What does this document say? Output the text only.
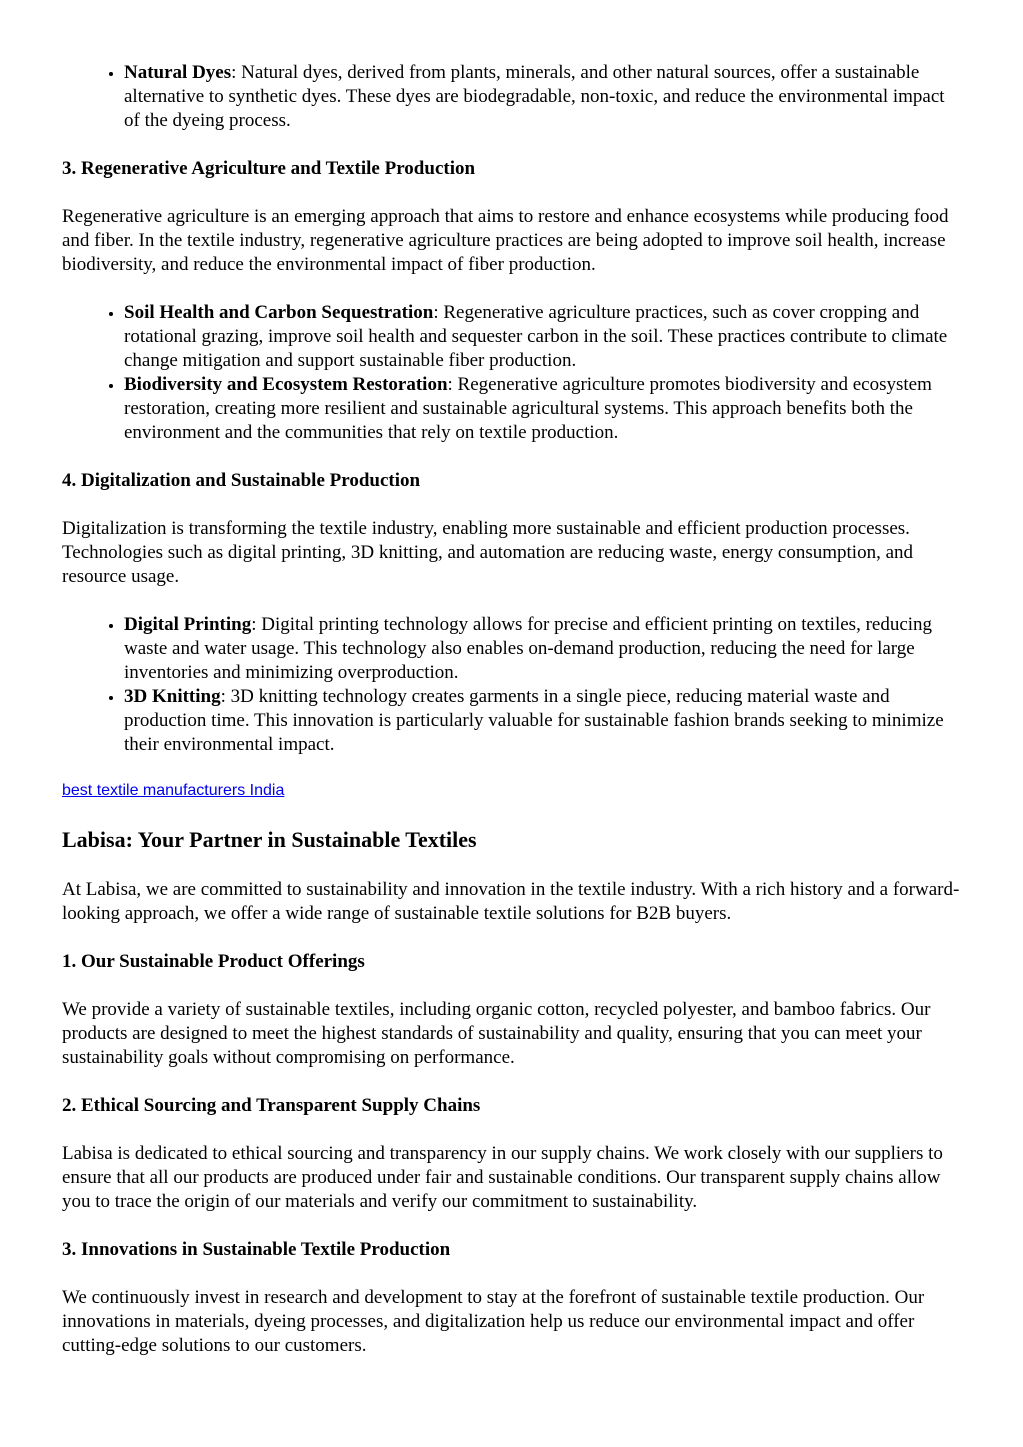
• Natural Dyes: Natural dyes, derived from plants, minerals, and other natural sources, offer a sustainable alternative to synthetic dyes. These dyes are biodegradable, non-toxic, and reduce the environmental impact of the dyeing process.
3. Regenerative Agriculture and Textile Production

Regenerative agriculture is an emerging approach that aims to restore and enhance ecosystems while producing food and fiber. In the textile industry, regenerative agriculture practices are being adopted to improve soil health, increase biodiversity, and reduce the environmental impact of fiber production.

• Soil Health and Carbon Sequestration: Regenerative agriculture practices, such as cover cropping and rotational grazing, improve soil health and sequester carbon in the soil. These practices contribute to climate change mitigation and support sustainable fiber production.
• Biodiversity and Ecosystem Restoration: Regenerative agriculture promotes biodiversity and ecosystem restoration, creating more resilient and sustainable agricultural systems. This approach benefits both the environment and the communities that rely on textile production.
4. Digitalization and Sustainable Production

Digitalization is transforming the textile industry, enabling more sustainable and efficient production processes. Technologies such as digital printing, 3D knitting, and automation are reducing waste, energy consumption, and resource usage.

• Digital Printing: Digital printing technology allows for precise and efficient printing on textiles, reducing waste and water usage. This technology also enables on-demand production, reducing the need for large inventories and minimizing overproduction.
• 3D Knitting: 3D knitting technology creates garments in a single piece, reducing material waste and production time. This innovation is particularly valuable for sustainable fashion brands seeking to minimize their environmental impact.
best textile manufacturers India
Labisa: Your Partner in Sustainable Textiles

At Labisa, we are committed to sustainability and innovation in the textile industry. With a rich history and a forward-looking approach, we offer a wide range of sustainable textile solutions for B2B buyers.

1. Our Sustainable Product Offerings

We provide a variety of sustainable textiles, including organic cotton, recycled polyester, and bamboo fabrics. Our products are designed to meet the highest standards of sustainability and quality, ensuring that you can meet your sustainability goals without compromising on performance.

2. Ethical Sourcing and Transparent Supply Chains

Labisa is dedicated to ethical sourcing and transparency in our supply chains. We work closely with our suppliers to ensure that all our products are produced under fair and sustainable conditions. Our transparent supply chains allow you to trace the origin of our materials and verify our commitment to sustainability.

3. Innovations in Sustainable Textile Production

We continuously invest in research and development to stay at the forefront of sustainable textile production. Our innovations in materials, dyeing processes, and digitalization help us reduce our environmental impact and offer cutting-edge solutions to our customers.
